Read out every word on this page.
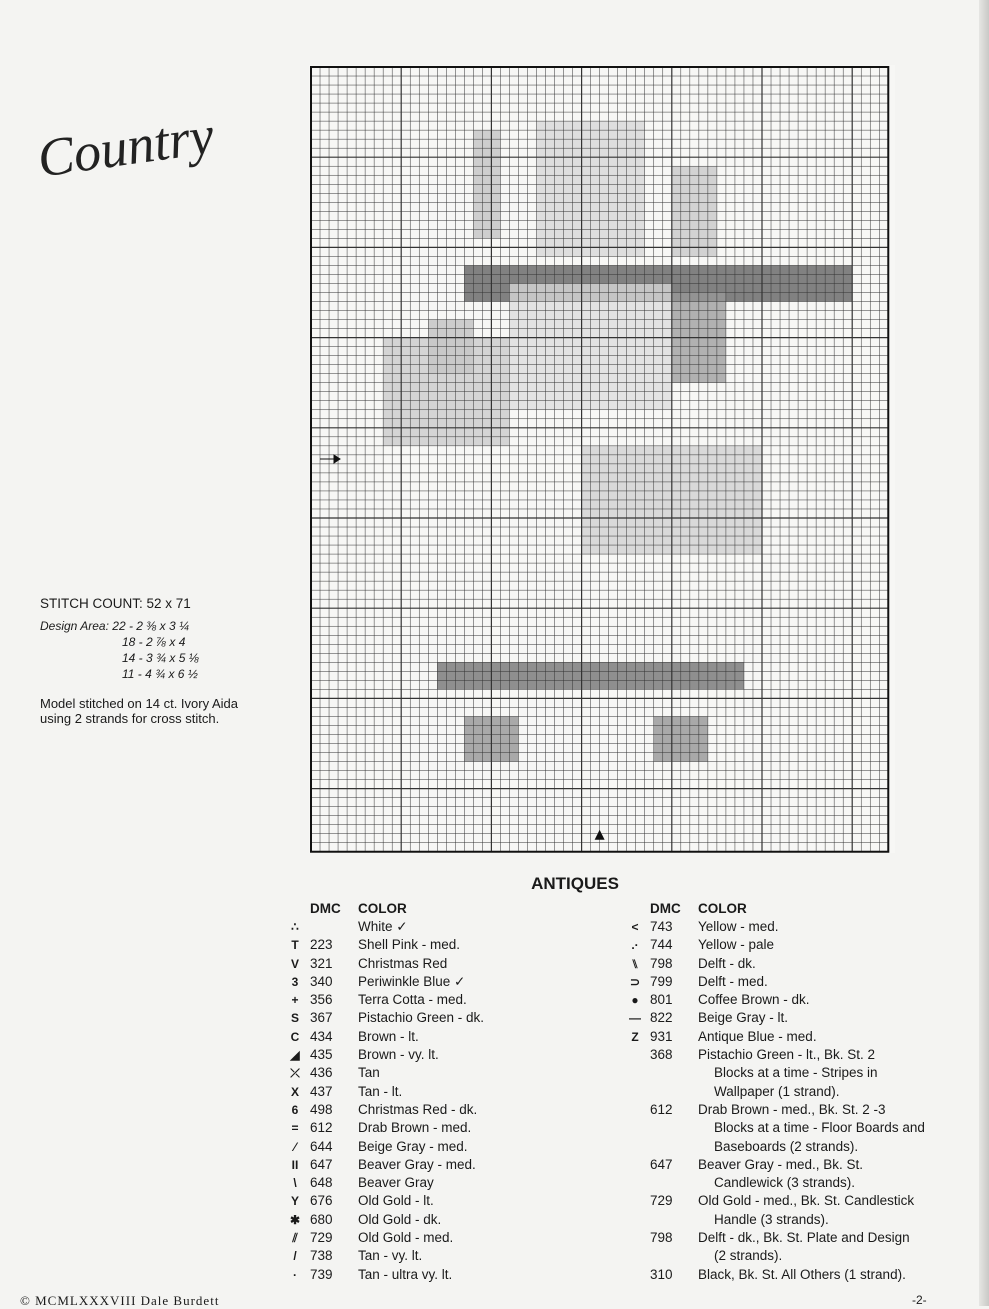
Country
STITCH COUNT: 52 x 71
Design Area: 22 - 2 ⅜ x 3 ¼
18 - 2 ⅞ x 4
14 - 3 ¾ x 5 ⅛
11 - 4 ¾ x 6 ½
Model stitched on 14 ct. Ivory Aida using 2 strands for cross stitch.
ANTIQUES
DMC	COLOR
∴	White ✓
T 223	Shell Pink - med.
V 321	Christmas Red
3 340	Periwinkle Blue ✓
+ 356	Terra Cotta - med.
S 367	Pistachio Green - dk.
C 434	Brown - lt.
◢ 435	Brown - vy. lt.
⤫ 436	Tan
X 437	Tan - lt.
6 498	Christmas Red - dk.
= 612	Drab Brown - med.
⁄	644	Beige Gray - med.
II 647	Beaver Gray - med.
\ 648	Beaver Gray
Y 676	Old Gold - lt.
✱ 680	Old Gold - dk.
⫽ 729	Old Gold - med.
/ 738	Tan - vy. lt.
· 739	Tan - ultra vy. lt.
DMC	COLOR
< 743	Yellow - med.
.· 744	Yellow - pale
⑊ 798	Delft - dk.
⊃ 799	Delft - med.
● 801	Coffee Brown - dk.
— 822	Beige Gray - lt.
Z 931	Antique Blue - med.
368	Pistachio Green - lt., Bk. St. 2
Blocks at a time - Stripes in
Wallpaper (1 strand).
612	Drab Brown - med., Bk. St. 2 -3
Blocks at a time - Floor Boards and
Baseboards (2 strands).
647	Beaver Gray - med., Bk. St.
Candlewick (3 strands).
729	Old Gold - med., Bk. St. Candlestick
Handle (3 strands).
798	Delft - dk., Bk. St. Plate and Design
(2 strands).
310	Black, Bk. St. All Others (1 strand).
© MCMLXXXVIII Dale Burdett	-2-
